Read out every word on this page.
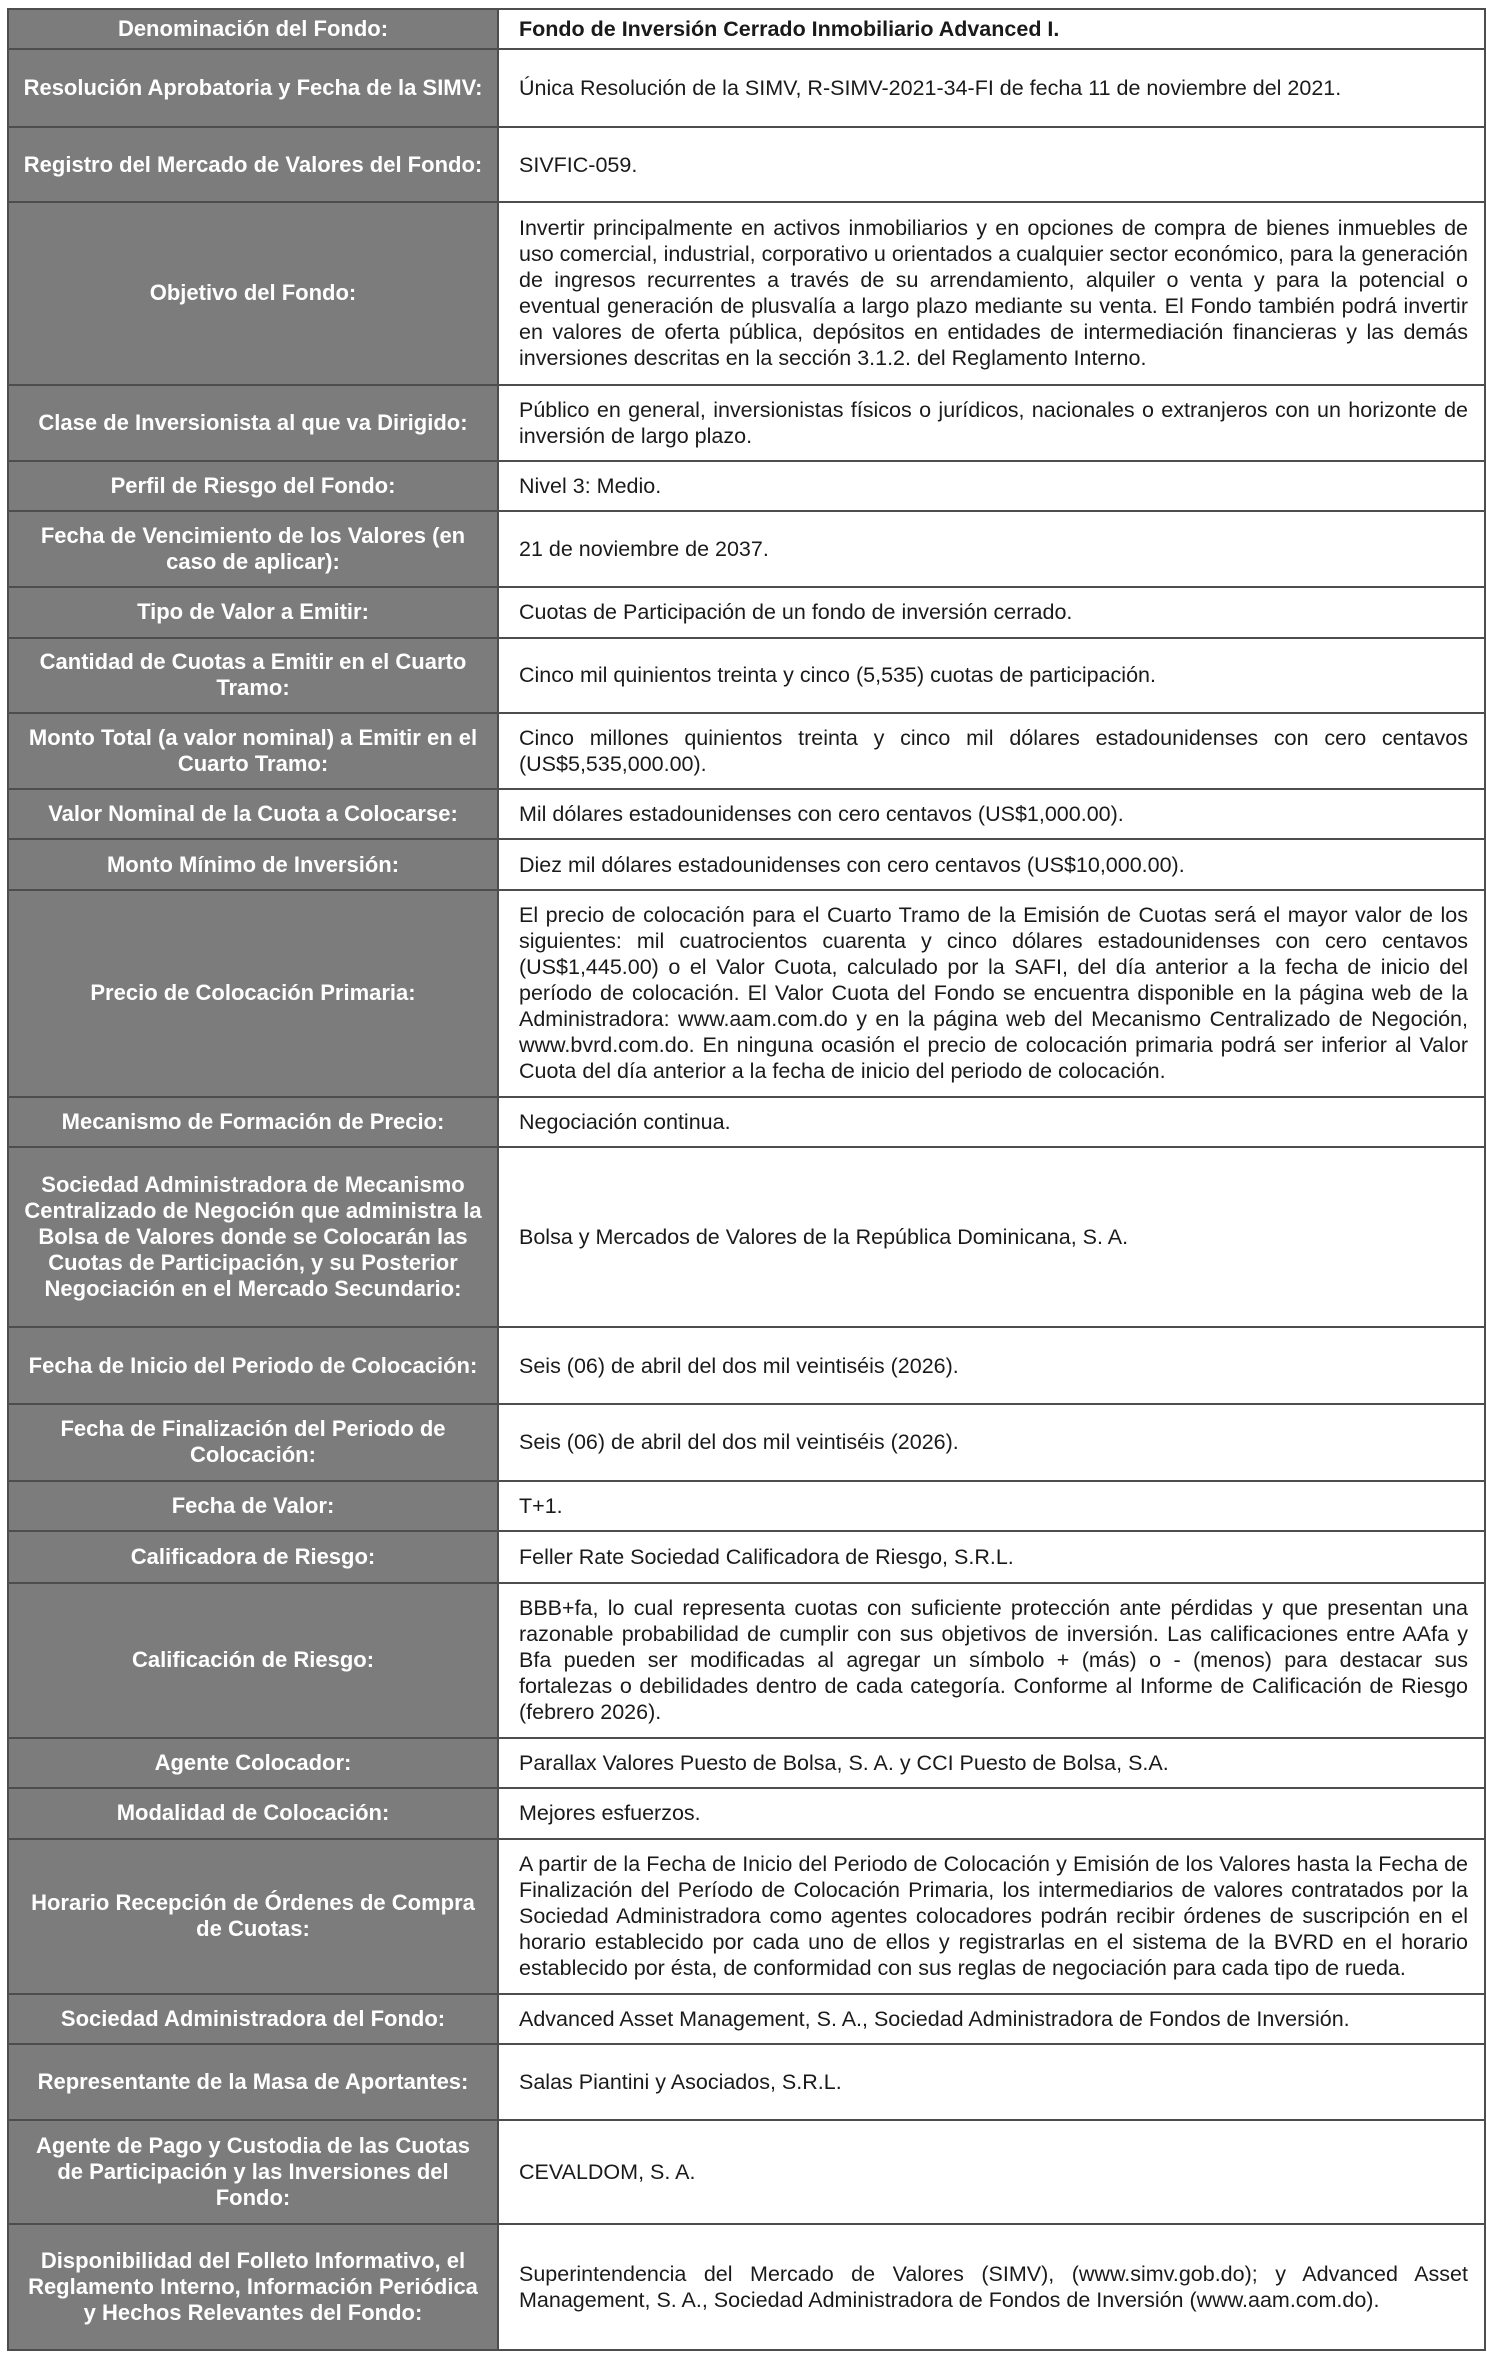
Denominación del Fondo:	Fondo de Inversión Cerrado Inmobiliario Advanced I.
Resolución Aprobatoria y Fecha de la SIMV:	Única Resolución de la SIMV, R-SIMV-2021-34-FI de fecha 11 de noviembre del 2021.
Registro del Mercado de Valores del Fondo:	SIVFIC-059.
Objetivo del Fondo:	Invertir principalmente en activos inmobiliarios y en opciones de compra de bienes inmuebles de uso comercial, industrial, corporativo u orientados a cualquier sector económico, para la generación de ingresos recurrentes a través de su arrendamiento, alquiler o venta y para la potencial o eventual generación de plusvalía a largo plazo mediante su venta. El Fondo también podrá invertir en valores de oferta pública, depósitos en entidades de intermediación financieras y las demás inversiones descritas en la sección 3.1.2. del Reglamento Interno.
Clase de Inversionista al que va Dirigido:	Público en general, inversionistas físicos o jurídicos, nacionales o extranjeros con un horizonte de inversión de largo plazo.
Perfil de Riesgo del Fondo:	Nivel 3: Medio.
Fecha de Vencimiento de los Valores (en caso de aplicar):	21 de noviembre de 2037.
Tipo de Valor a Emitir:	Cuotas de Participación de un fondo de inversión cerrado.
Cantidad de Cuotas a Emitir en el Cuarto Tramo:	Cinco mil quinientos treinta y cinco (5,535) cuotas de participación.
Monto Total (a valor nominal) a Emitir en el Cuarto Tramo:	Cinco millones quinientos treinta y cinco mil dólares estadounidenses con cero centavos (US$5,535,000.00).
Valor Nominal de la Cuota a Colocarse:	Mil dólares estadounidenses con cero centavos (US$1,000.00).
Monto Mínimo de Inversión:	Diez mil dólares estadounidenses con cero centavos (US$10,000.00).
Precio de Colocación Primaria:	El precio de colocación para el Cuarto Tramo de la Emisión de Cuotas será el mayor valor de los siguientes: mil cuatrocientos cuarenta y cinco dólares estadounidenses con cero centavos (US$1,445.00) o el Valor Cuota, calculado por la SAFI, del día anterior a la fecha de inicio del período de colocación. El Valor Cuota del Fondo se encuentra disponible en la página web de la Administradora: www.aam.com.do y en la página web del Mecanismo Centralizado de Negoción, www.bvrd.com.do. En ninguna ocasión el precio de colocación primaria podrá ser inferior al Valor Cuota del día anterior a la fecha de inicio del periodo de colocación.
Mecanismo de Formación de Precio:	Negociación continua.
Sociedad Administradora de Mecanismo Centralizado de Negoción que administra la Bolsa de Valores donde se Colocarán las Cuotas de Participación, y su Posterior Negociación en el Mercado Secundario:	Bolsa y Mercados de Valores de la República Dominicana, S. A.
Fecha de Inicio del Periodo de Colocación:	Seis (06) de abril del dos mil veintiséis (2026).
Fecha de Finalización del Periodo de Colocación:	Seis (06) de abril del dos mil veintiséis (2026).
Fecha de Valor:	T+1.
Calificadora de Riesgo:	Feller Rate Sociedad Calificadora de Riesgo, S.R.L.
Calificación de Riesgo:	BBB+fa, lo cual representa cuotas con suficiente protección ante pérdidas y que presentan una razonable probabilidad de cumplir con sus objetivos de inversión. Las calificaciones entre AAfa y Bfa pueden ser modificadas al agregar un símbolo + (más) o - (menos) para destacar sus fortalezas o debilidades dentro de cada categoría. Conforme al Informe de Calificación de Riesgo (febrero 2026).
Agente Colocador:	Parallax Valores Puesto de Bolsa, S. A. y CCI Puesto de Bolsa, S.A.
Modalidad de Colocación:	Mejores esfuerzos.
Horario Recepción de Órdenes de Compra de Cuotas:	A partir de la Fecha de Inicio del Periodo de Colocación y Emisión de los Valores hasta la Fecha de Finalización del Período de Colocación Primaria, los intermediarios de valores contratados por la Sociedad Administradora como agentes colocadores podrán recibir órdenes de suscripción en el horario establecido por cada uno de ellos y registrarlas en el sistema de la BVRD en el horario establecido por ésta, de conformidad con sus reglas de negociación para cada tipo de rueda.
Sociedad Administradora del Fondo:	Advanced Asset Management, S. A., Sociedad Administradora de Fondos de Inversión.
Representante de la Masa de Aportantes:	Salas Piantini y Asociados, S.R.L.
Agente de Pago y Custodia de las Cuotas de Participación y las Inversiones del Fondo:	CEVALDOM, S. A.
Disponibilidad del Folleto Informativo, el Reglamento Interno, Información Periódica y Hechos Relevantes del Fondo:	Superintendencia del Mercado de Valores (SIMV), (www.simv.gob.do); y Advanced Asset Management, S. A., Sociedad Administradora de Fondos de Inversión (www.aam.com.do).
